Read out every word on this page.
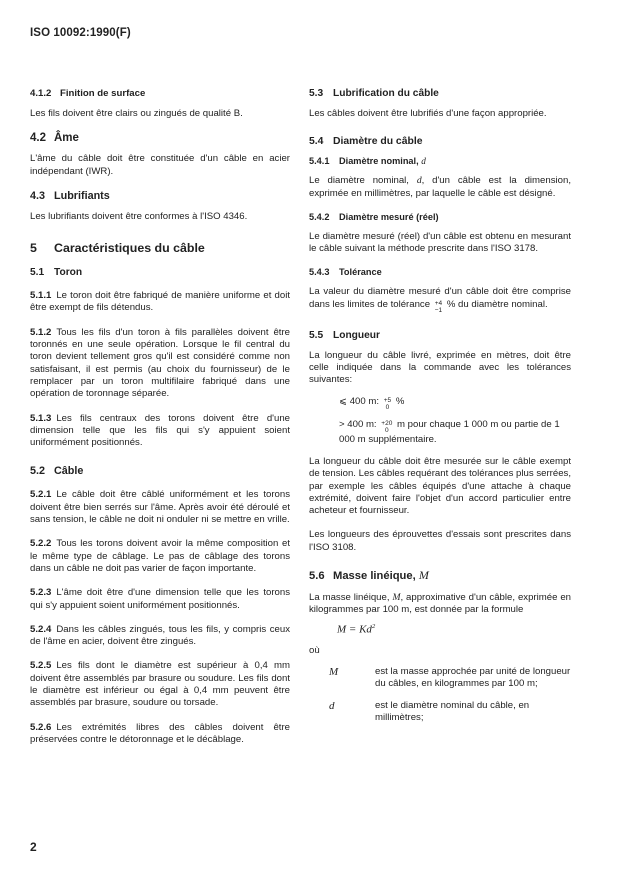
ISO 10092:1990(F)
4.1.2 Finition de surface
Les fils doivent être clairs ou zingués de qualité B.
4.2 Âme
L'âme du câble doit être constituée d'un câble en acier indépendant (IWR).
4.3 Lubrifiants
Les lubrifiants doivent être conformes à l'ISO 4346.
5 Caractéristiques du câble
5.1 Toron
5.1.1 Le toron doit être fabriqué de manière uniforme et doit être exempt de fils détendus.
5.1.2 Tous les fils d'un toron à fils parallèles doivent être toronnés en une seule opération. Lorsque le fil central du toron devient tellement gros qu'il est considéré comme non satisfaisant, il est permis (au choix du fournisseur) de le remplacer par un toron multifilaire fabriqué dans une opération de toronnage séparée.
5.1.3 Les fils centraux des torons doivent être d'une dimension telle que les fils qui s'y appuient soient uniformément positionnés.
5.2 Câble
5.2.1 Le câble doit être câblé uniformément et les torons doivent être bien serrés sur l'âme. Après avoir été déroulé et sans tension, le câble ne doit ni onduler ni se mettre en vrille.
5.2.2 Tous les torons doivent avoir la même composition et le même type de câblage. Le pas de câblage des torons dans un câble ne doit pas varier de façon importante.
5.2.3 L'âme doit être d'une dimension telle que les torons qui s'y appuient soient uniformément positionnés.
5.2.4 Dans les câbles zingués, tous les fils, y compris ceux de l'âme en acier, doivent être zingués.
5.2.5 Les fils dont le diamètre est supérieur à 0,4 mm doivent être assemblés par brasure ou soudure. Les fils dont le diamètre est inférieur ou égal à 0,4 mm peuvent être assemblés par brasure, soudure ou torsade.
5.2.6 Les extrémités libres des câbles doivent être préservées contre le détoronnage et le décâblage.
5.3 Lubrification du câble
Les câbles doivent être lubrifiés d'une façon appropriée.
5.4 Diamètre du câble
5.4.1 Diamètre nominal, d
Le diamètre nominal, d, d'un câble est la dimension, exprimée en millimètres, par laquelle le câble est désigné.
5.4.2 Diamètre mesuré (réel)
Le diamètre mesuré (réel) d'un câble est obtenu en mesurant le câble suivant la méthode prescrite dans l'ISO 3178.
5.4.3 Tolérance
La valeur du diamètre mesuré d'un câble doit être comprise dans les limites de tolérance +4
−1
% du diamètre nominal.
5.5 Longueur
La longueur du câble livré, exprimée en mètres, doit être celle indiquée dans la commande avec les tolérances suivantes:
⩽ 400 m: +5
0
%
> 400 m: +20
0
m pour chaque 1 000 m ou partie de 1 000 m supplémentaire.
La longueur du câble doit être mesurée sur le câble exempt de tension. Les câbles requérant des tolérances plus serrées, par exemple les câbles équipés d'une attache à chaque extrémité, doivent faire l'objet d'un accord particulier entre acheteur et fournisseur.
Les longueurs des éprouvettes d'essais sont prescrites dans l'ISO 3108.
5.6 Masse linéique, M
La masse linéique, M, approximative d'un câble, exprimée en kilogrammes par 100 m, est donnée par la formule
$M = Kd^2$
où
M	est la masse approchée par unité de longueur du câbles, en kilogrammes par 100 m;
d	est le diamètre nominal du câble, en millimètres;
2
